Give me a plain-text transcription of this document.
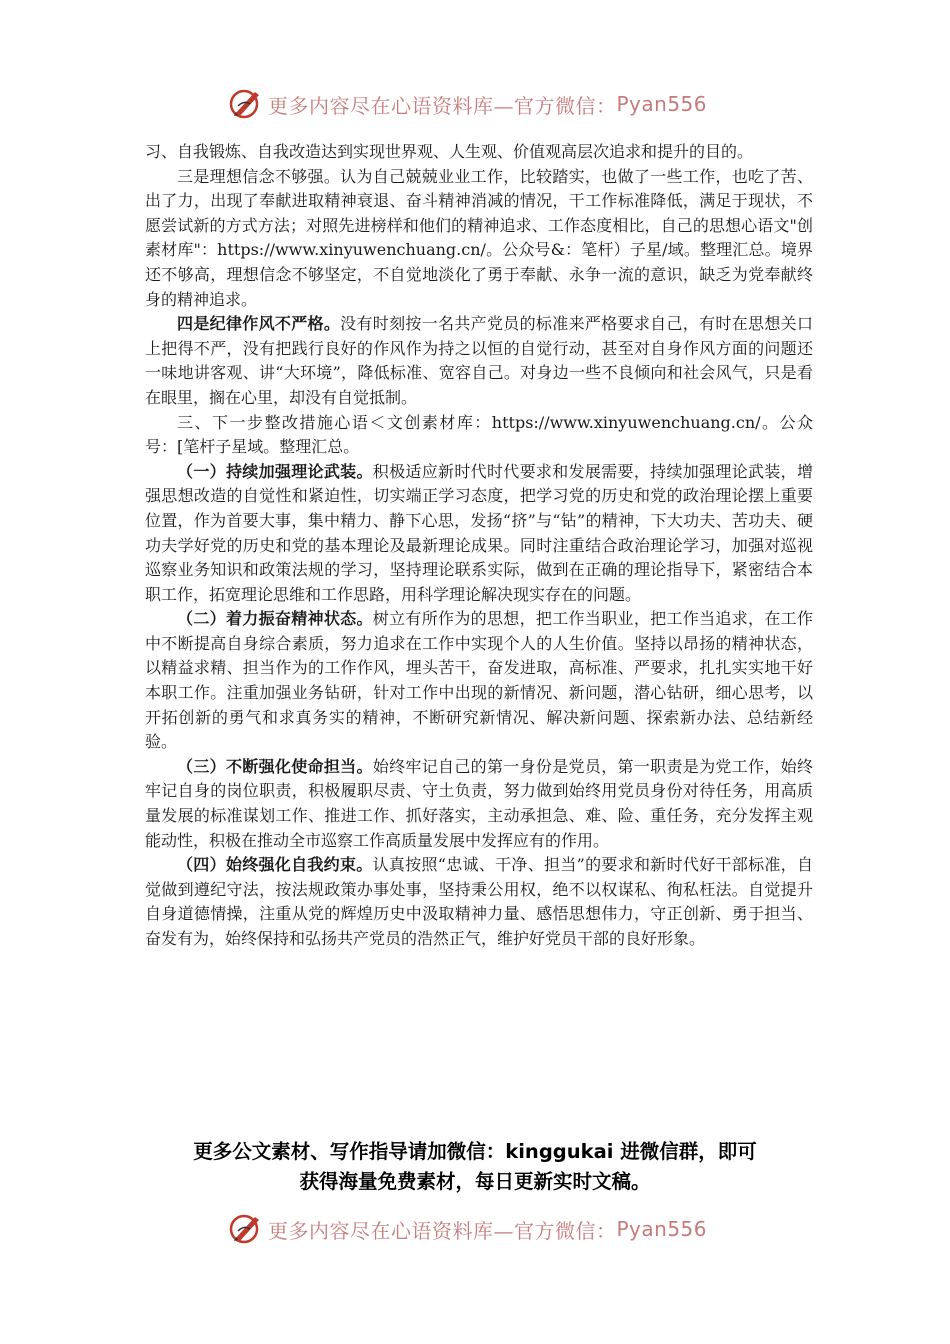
更多内容尽在心语资料库—官方微信： Pyan556

习、自我锻炼、自我改造达到实现世界观、人生观、价值观高层次追求和提升的目的。

三是理想信念不够强。认为自己兢兢业业工作，比较踏实，也做了一些工作，也吃了苦、出了力，出现了奉献进取精神衰退、奋斗精神消减的情况，干工作标准降低，满足于现状，不愿尝试新的方式方法；对照先进榜样和他们的精神追求、工作态度相比，自己的思想心语文"创素材库"：https://www.xinyuwenchuang.cn/。公众号&：笔杆）子星/域。整理汇总。境界还不够高，理想信念不够坚定，不自觉地淡化了勇于奉献、永争一流的意识，缺乏为党奉献终身的精神追求。

四是纪律作风不严格。没有时刻按一名共产党员的标准来严格要求自己，有时在思想关口上把得不严，没有把践行良好的作风作为持之以恒的自觉行动，甚至对自身作风方面的问题还一味地讲客观、讲“大环境”，降低标准、宽容自己。对身边一些不良倾向和社会风气，只是看在眼里，搁在心里，却没有自觉抵制。

三、下一步整改措施心语＜文创素材库：https://www.xinyuwenchuang.cn/。公众号：[笔杆子星域。整理汇总。

（一）持续加强理论武装。积极适应新时代时代要求和发展需要，持续加强理论武装，增强思想改造的自觉性和紧迫性，切实端正学习态度，把学习党的历史和党的政治理论摆上重要位置，作为首要大事，集中精力、静下心思，发扬“挤”与“钻”的精神，下大功夫、苦功夫、硬功夫学好党的历史和党的基本理论及最新理论成果。同时注重结合政治理论学习，加强对巡视巡察业务知识和政策法规的学习，坚持理论联系实际，做到在正确的理论指导下，紧密结合本职工作，拓宽理论思维和工作思路，用科学理论解决现实存在的问题。

（二）着力振奋精神状态。树立有所作为的思想，把工作当职业，把工作当追求，在工作中不断提高自身综合素质，努力追求在工作中实现个人的人生价值。坚持以昂扬的精神状态，以精益求精、担当作为的工作作风，埋头苦干，奋发进取，高标准、严要求，扎扎实实地干好本职工作。注重加强业务钻研，针对工作中出现的新情况、新问题，潜心钻研，细心思考，以开拓创新的勇气和求真务实的精神，不断研究新情况、解决新问题、探索新办法、总结新经验。

（三）不断强化使命担当。始终牢记自己的第一身份是党员，第一职责是为党工作，始终牢记自身的岗位职责，积极履职尽责、守土负责，努力做到始终用党员身份对待任务，用高质量发展的标准谋划工作、推进工作、抓好落实，主动承担急、难、险、重任务，充分发挥主观能动性，积极在推动全市巡察工作高质量发展中发挥应有的作用。

（四）始终强化自我约束。认真按照“忠诚、干净、担当”的要求和新时代好干部标准，自觉做到遵纪守法，按法规政策办事处事，坚持秉公用权，绝不以权谋私、徇私枉法。自觉提升自身道德情操，注重从党的辉煌历史中汲取精神力量、感悟思想伟力，守正创新、勇于担当、奋发有为，始终保持和弘扬共产党员的浩然正气，维护好党员干部的良好形象。

更多公文素材、写作指导请加微信：kinggukai 进微信群，即可
获得海量免费素材，每日更新实时文稿。
更多内容尽在心语资料库—官方微信： Pyan556
